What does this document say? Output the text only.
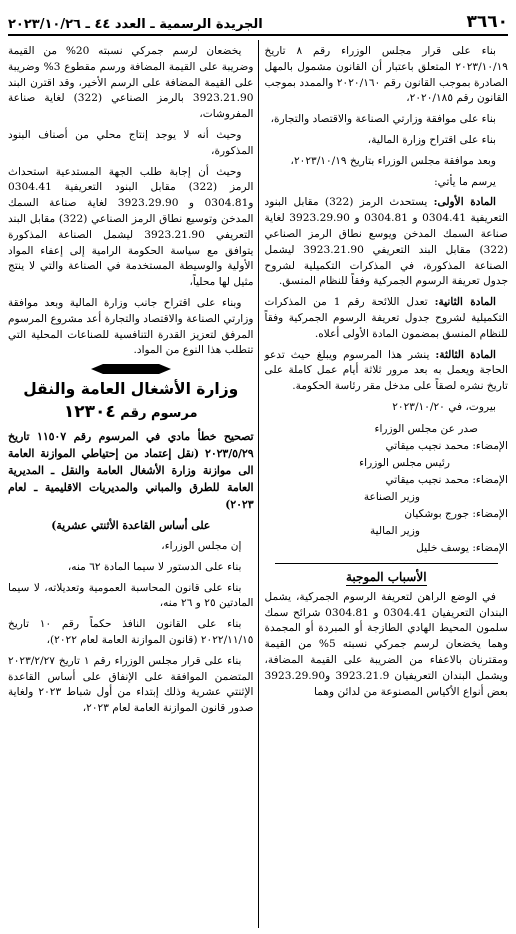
٣٦٦٠
الجريدة الرسمية ـ العدد ٤٤ ـ ٢٠٢٣/١٠/٢٦

بناء على قرار مجلس الوزراء رقم ٨ تاريخ ٢٠٢٣/١٠/١٩ المتعلق باعتبار أن القانون مشمول بالمهل الصادرة بموجب القانون رقم ٢٠٢٠/١٦٠ والممدد بموجب القانون رقم ٢٠٢٠/١٨٥،

بناء على موافقة وزارتي الصناعة والاقتصاد والتجارة،

بناء على اقتراح وزارة المالية،

وبعد موافقة مجلس الوزراء بتاريخ ٢٠٢٣/١٠/١٩،

يرسم ما يأتي:

المادة الأولى: يستحدث الرمز (322) مقابل البنود التعريفية 0304.41 و 0304.81 و 3923.29.90 لغاية صناعة السمك المدخن ويوسع نطاق الرمز الصناعي (322) مقابل البند التعريفي 3923.21.90 ليشمل الصناعة المذكورة، في المذكرات التكميلية لشروح جدول تعريفة الرسوم الجمركية وفقاً للنظام المنسق.

المادة الثانية: تعدل اللائحة رقم 1 من المذكرات التكميلية لشروح جدول تعريفة الرسوم الجمركية وفقاً للنظام المنسق بمضمون المادة الأولى أعلاه.

المادة الثالثة: ينشر هذا المرسوم ويبلغ حيث تدعو الحاجة ويعمل به بعد مرور ثلاثة أيام عمل كاملة على تاريخ نشره لصقاً على مدخل مقر رئاسة الحكومة.

بيروت، في ٢٠٢٣/١٠/٢٠

صدر عن مجلس الوزراء

الإمضاء: محمد نجيب ميقاتي

رئيس مجلس الوزراء

الإمضاء: محمد نجيب ميقاتي

وزير الصناعة

الإمضاء: جورج بوشكيان

وزير المالية

الإمضاء: يوسف خليل

الأسباب الموجبة

في الوضع الراهن لتعريفة الرسوم الجمركية، يشمل البندان التعريفيان 0304.41 و 0304.81 شرائح سمك سلمون المحيط الهادي الطازجة أو المبردة أو المجمدة وهما يخضعان لرسم جمركي نسبته 5% من القيمة ومقترنان بالاعفاء من الضريبة على القيمة المضافة، ويشمل البندان التعريفيان 3923.21.9 و3923.29.90 بعض أنواع الأكياس المصنوعة من لدائن وهما

يخضعان لرسم جمركي نسبته 20% من القيمة وضريبة على القيمة المضافة ورسم مقطوع 3% وضريبة على القيمة المضافة على الرسم الأخير، وقد اقترن البند 3923.21.90 بالرمز الصناعي (322) لغاية صناعة المفروشات،

وحيث أنه لا يوجد إنتاج محلي من أصناف البنود المذكورة،

وحيث أن إجابة طلب الجهة المستدعية استحداث الرمز (322) مقابل البنود التعريفية 0304.41 و0304.81 و 3923.29.90 لغاية صناعة السمك المدخن وتوسيع نطاق الرمز الصناعي (322) مقابل البند التعريفي 3923.21.90 ليشمل الصناعة المذكورة يتوافق مع سياسة الحكومة الرامية إلى إعفاء المواد الأولية والوسيطة المستخدمة في الصناعة والتي لا ينتج مثيل لها محلياً،

وبناء على اقتراح جانب وزارة المالية وبعد موافقة وزارتي الصناعة والاقتصاد والتجارة أعد مشروع المرسوم المرفق لتعزيز القدرة التنافسية للصناعات المحلية التي تتطلب هذا النوع من المواد.

وزارة الأشغال العامة والنقل
مرسوم رقم ١٢٣٠٤

تصحيح خطأ مادي في المرسوم رقم ١١٥٠٧ تاريخ ٢٠٢٣/٥/٢٩ (نقل إعتماد من إحتياطي الموازنة العامة الى موازنة وزارة الأشغال العامة والنقل ـ المديرية العامة للطرق والمباني والمديريات الاقليمية ـ لعام ٢٠٢٣)

على أساس القاعدة الأثنتي عشرية)

إن مجلس الوزراء،

بناء على الدستور لا سيما المادة ٦٢ منه،

بناء على قانون المحاسبة العمومية وتعديلاته، لا سيما المادتين ٢٥ و ٢٦ منه،

بناء على القانون النافذ حكماً رقم ١٠ تاريخ ٢٠٢٢/١١/١٥ (قانون الموازنة العامة لعام ٢٠٢٢)،

بناء على قرار مجلس الوزراء رقم ١ تاريخ ٢٠٢٣/٢/٢٧ المتضمن الموافقة على الإنفاق على أساس القاعدة الإثنتي عشرية وذلك إبتداء من أول شباط ٢٠٢٣ ولغاية صدور قانون الموازنة العامة لعام ٢٠٢٣،
